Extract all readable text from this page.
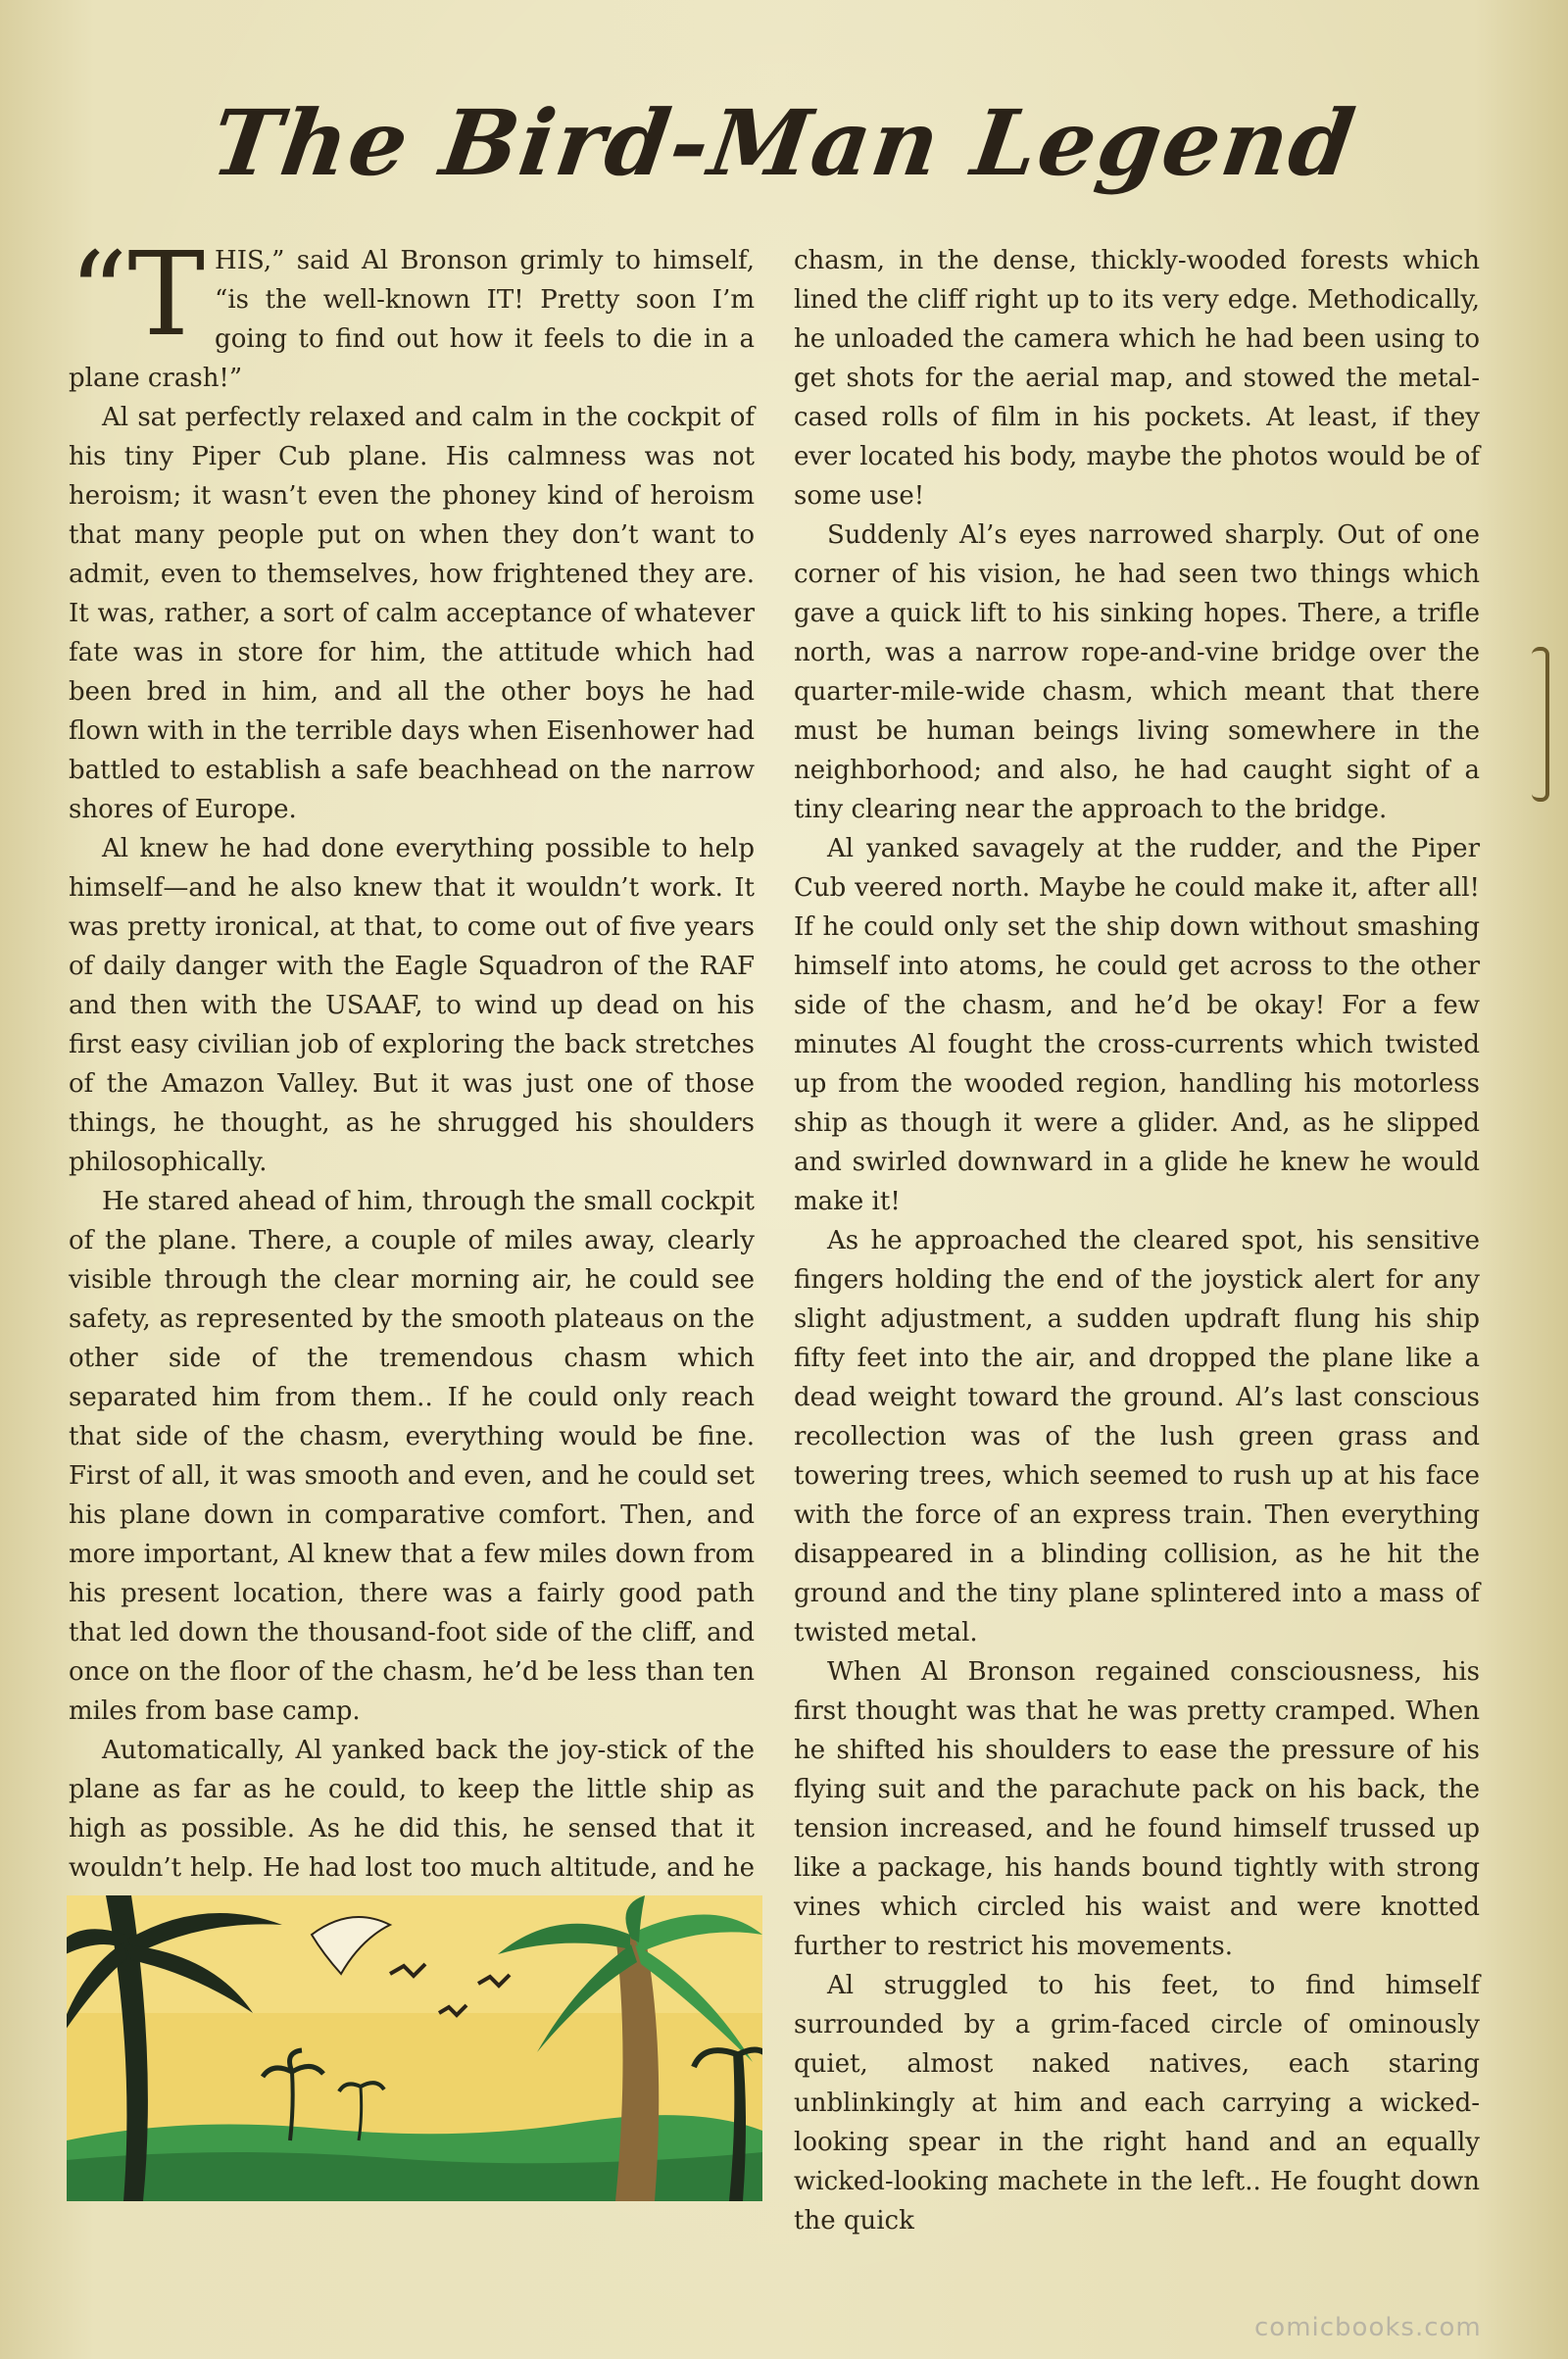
The Bird-Man Legend

“T HIS,” said Al Bronson grimly to himself, “is the well-known IT! Pretty soon I’m going to find out how it feels to die in a plane crash!”

Al sat perfectly relaxed and calm in the cockpit of his tiny Piper Cub plane. His calmness was not heroism; it wasn’t even the phoney kind of heroism that many people put on when they don’t want to admit, even to themselves, how frightened they are. It was, rather, a sort of calm acceptance of whatever fate was in store for him, the attitude which had been bred in him, and all the other boys he had flown with in the terrible days when Eisenhower had battled to establish a safe beachhead on the narrow shores of Europe.

Al knew he had done everything possible to help himself—and he also knew that it wouldn’t work. It was pretty ironical, at that, to come out of five years of daily danger with the Eagle Squadron of the RAF and then with the USAAF, to wind up dead on his first easy civilian job of exploring the back stretches of the Amazon Valley. But it was just one of those things, he thought, as he shrugged his shoulders philosophically.

He stared ahead of him, through the small cockpit of the plane. There, a couple of miles away, clearly visible through the clear morning air, he could see safety, as represented by the smooth plateaus on the other side of the tremendous chasm which separated him from them.. If he could only reach that side of the chasm, everything would be fine. First of all, it was smooth and even, and he could set his plane down in comparative comfort. Then, and more important, Al knew that a few miles down from his present location, there was a fairly good path that led down the thousand-foot side of the cliff, and once on the floor of the chasm, he’d be less than ten miles from base camp.

Automatically, Al yanked back the joy-stick of the plane as far as he could, to keep the little ship as high as possible. As he did this, he sensed that it wouldn’t help. He had lost too much altitude, and he

chasm, in the dense, thickly-wooded forests which lined the cliff right up to its very edge. Methodically, he unloaded the camera which he had been using to get shots for the aerial map, and stowed the metal-cased rolls of film in his pockets. At least, if they ever located his body, maybe the photos would be of some use!

Suddenly Al’s eyes narrowed sharply. Out of one corner of his vision, he had seen two things which gave a quick lift to his sinking hopes. There, a trifle north, was a narrow rope-and-vine bridge over the quarter-mile-wide chasm, which meant that there must be human beings living somewhere in the neighborhood; and also, he had caught sight of a tiny clearing near the approach to the bridge.

Al yanked savagely at the rudder, and the Piper Cub veered north. Maybe he could make it, after all! If he could only set the ship down without smashing himself into atoms, he could get across to the other side of the chasm, and he’d be okay! For a few minutes Al fought the cross-currents which twisted up from the wooded region, handling his motorless ship as though it were a glider. And, as he slipped and swirled downward in a glide he knew he would make it!

As he approached the cleared spot, his sensitive fingers holding the end of the joystick alert for any slight adjustment, a sudden updraft flung his ship fifty feet into the air, and dropped the plane like a dead weight toward the ground. Al’s last conscious recollection was of the lush green grass and towering trees, which seemed to rush up at his face with the force of an express train. Then everything disappeared in a blinding collision, as he hit the ground and the tiny plane splintered into a mass of twisted metal.

When Al Bronson regained consciousness, his first thought was that he was pretty cramped. When he shifted his shoulders to ease the pressure of his flying suit and the parachute pack on his back, the tension increased, and he found himself trussed up like a package, his hands bound tightly with strong vines which circled his waist and were knotted further to restrict his movements.

Al struggled to his feet, to find himself surrounded by a grim-faced circle of ominously quiet, almost naked natives, each staring unblinkingly at him and each carrying a wicked-looking spear in the right hand and an equally wicked-looking machete in the left.. He fought down the quick

comicbooks.com
